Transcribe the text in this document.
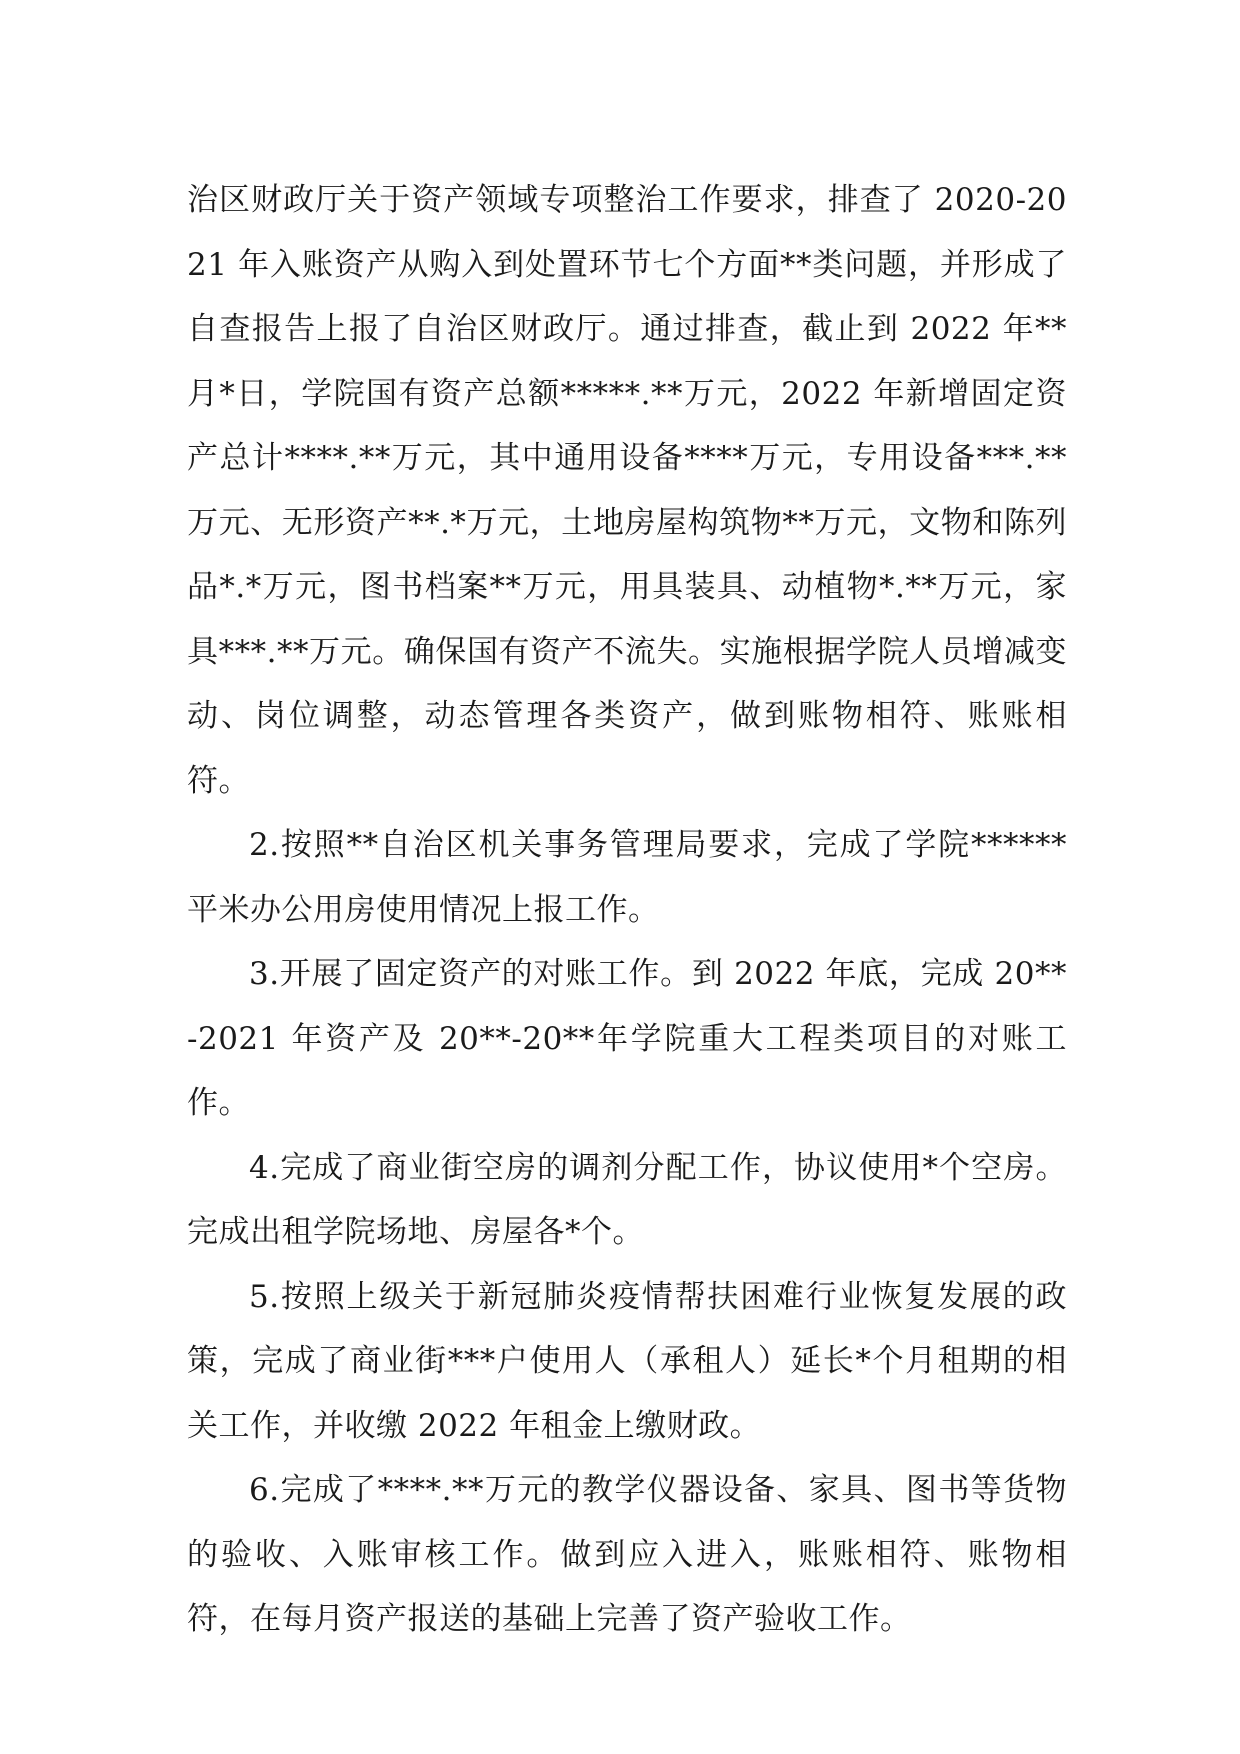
治区财政厅关于资产领域专项整治工作要求，排查了 2020-2021 年入账资产从购入到处置环节七个方面**类问题，并形成了自查报告上报了自治区财政厅。通过排查，截止到 2022 年**月*日，学院国有资产总额*****.**万元，2022 年新增固定资产总计****.**万元，其中通用设备****万元，专用设备***.**万元、无形资产**.*万元，土地房屋构筑物**万元，文物和陈列品*.*万元，图书档案**万元，用具装具、动植物*.**万元，家具***.**万元。确保国有资产不流失。实施根据学院人员增减变动、岗位调整，动态管理各类资产，做到账物相符、账账相符。

2.按照**自治区机关事务管理局要求，完成了学院******平米办公用房使用情况上报工作。

3.开展了固定资产的对账工作。到 2022 年底，完成 20**-2021 年资产及 20**-20**年学院重大工程类项目的对账工作。

4.完成了商业街空房的调剂分配工作，协议使用*个空房。完成出租学院场地、房屋各*个。

5.按照上级关于新冠肺炎疫情帮扶困难行业恢复发展的政策，完成了商业街***户使用人（承租人）延长*个月租期的相关工作，并收缴 2022 年租金上缴财政。

6.完成了****.**万元的教学仪器设备、家具、图书等货物的验收、入账审核工作。做到应入进入，账账相符、账物相符，在每月资产报送的基础上完善了资产验收工作。
